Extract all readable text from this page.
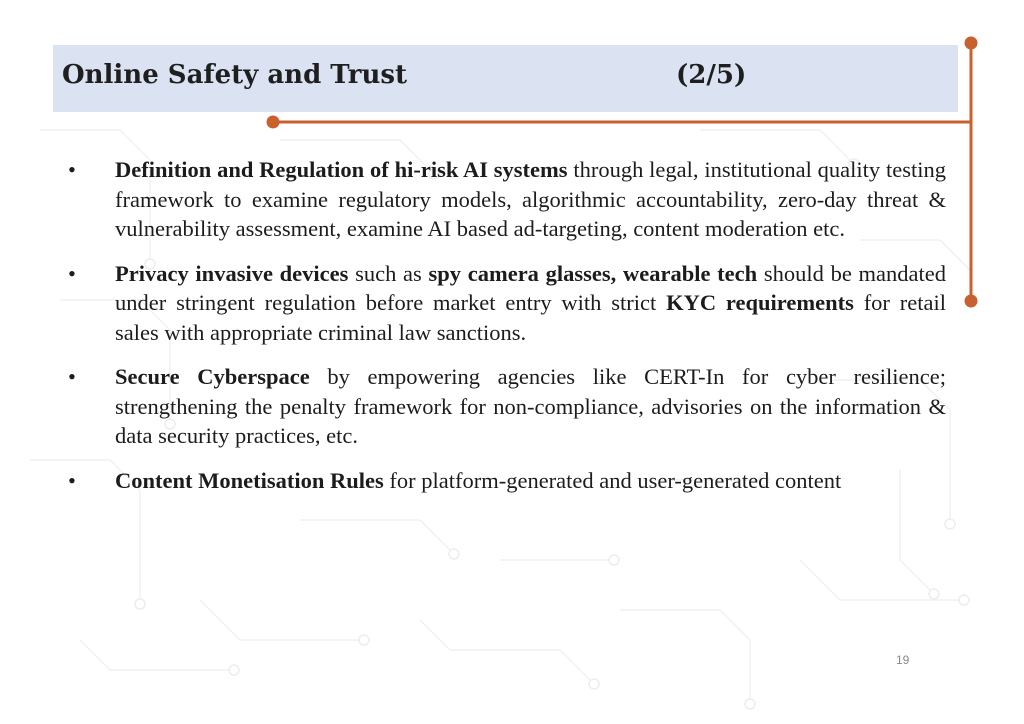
Online Safety and Trust	(2/5)
• Definition and Regulation of hi-risk AI systems through legal, institutional quality testing framework to examine regulatory models, algorithmic accountability, zero-day threat & vulnerability assessment, examine AI based ad-targeting, content moderation etc.
• Privacy invasive devices such as spy camera glasses, wearable tech should be mandated under stringent regulation before market entry with strict KYC requirements for retail sales with appropriate criminal law sanctions.
• Secure Cyberspace by empowering agencies like CERT-In for cyber resilience; strengthening the penalty framework for non-compliance, advisories on the information & data security practices, etc.
• Content Monetisation Rules for platform-generated and user-generated content
19
